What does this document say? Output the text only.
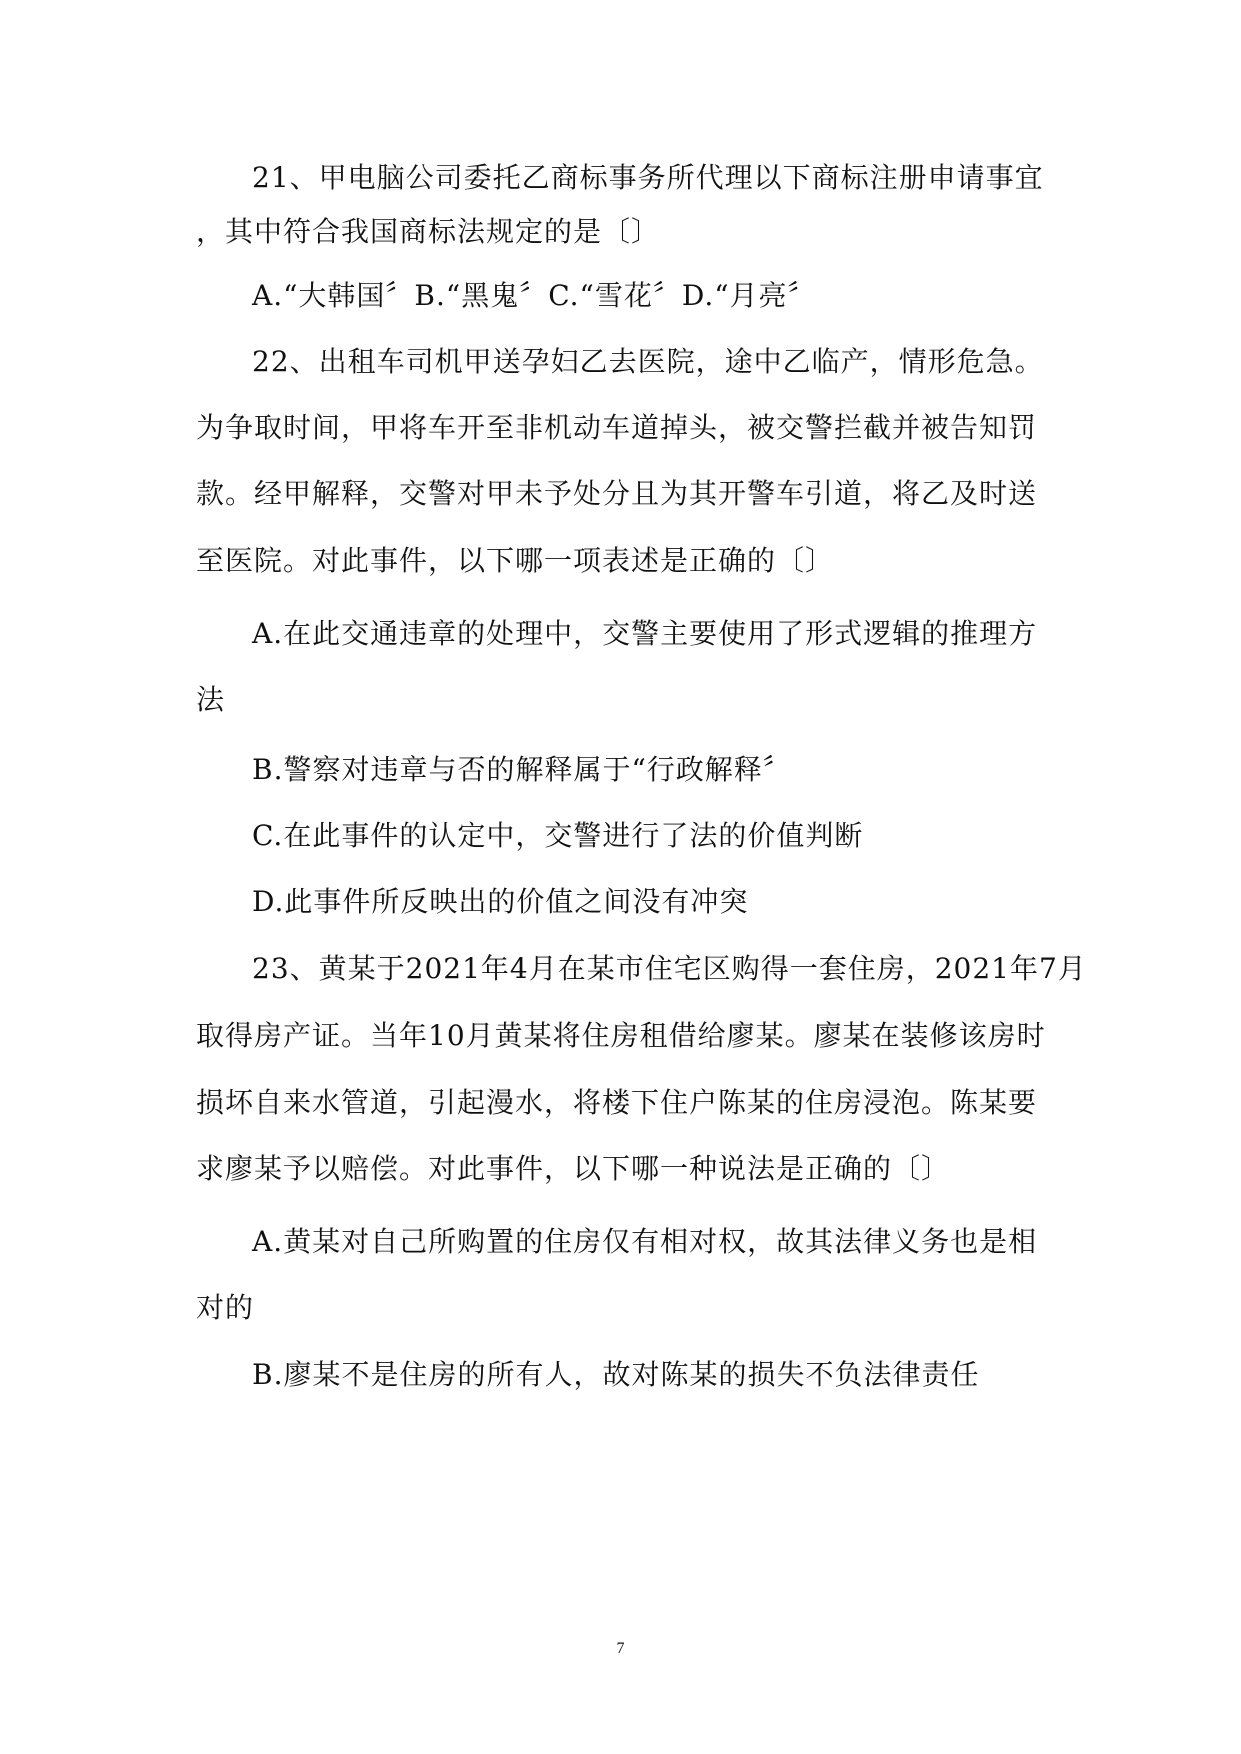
21、甲电脑公司委托乙商标事务所代理以下商标注册申请事宜
，其中符合我国商标法规定的是〔〕
A.“大韩国〞B.“黑鬼〞C.“雪花〞D.“月亮〞
22、出租车司机甲送孕妇乙去医院，途中乙临产，情形危急。
为争取时间，甲将车开至非机动车道掉头，被交警拦截并被告知罚
款。经甲解释，交警对甲未予处分且为其开警车引道，将乙及时送
至医院。对此事件，以下哪一项表述是正确的〔〕
A.在此交通违章的处理中，交警主要使用了形式逻辑的推理方
法
B.警察对违章与否的解释属于“行政解释〞
C.在此事件的认定中，交警进行了法的价值判断
D.此事件所反映出的价值之间没有冲突
23、黄某于2021年4月在某市住宅区购得一套住房，2021年7月
取得房产证。当年10月黄某将住房租借给廖某。廖某在装修该房时
损坏自来水管道，引起漫水，将楼下住户陈某的住房浸泡。陈某要
求廖某予以赔偿。对此事件，以下哪一种说法是正确的〔〕
A.黄某对自己所购置的住房仅有相对权，故其法律义务也是相
对的
B.廖某不是住房的所有人，故对陈某的损失不负法律责任
7
